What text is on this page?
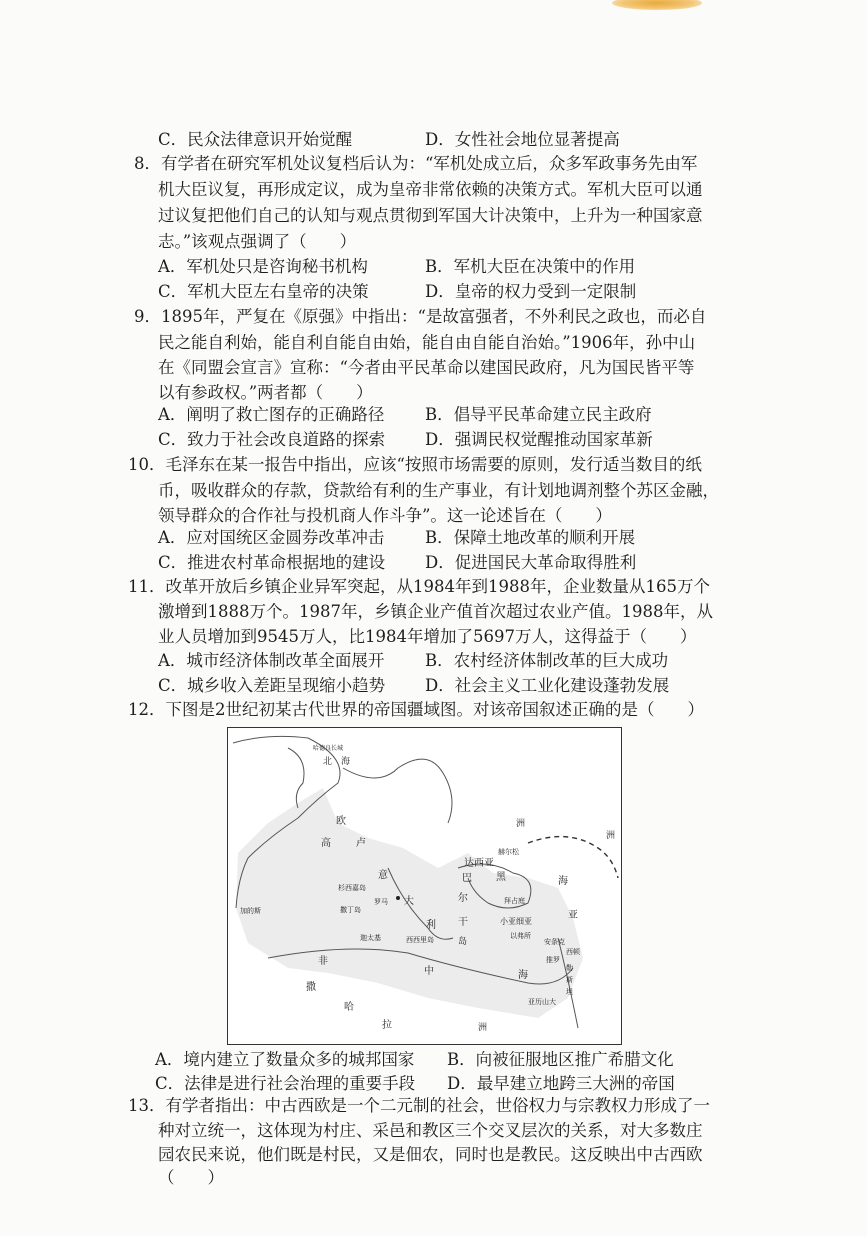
C．民众法律意识开始觉醒	D．女性社会地位显著提高
8．有学者在研究军机处议复档后认为：“军机处成立后，众多军政事务先由军
机大臣议复，再形成定议，成为皇帝非常依赖的决策方式。军机大臣可以通
过议复把他们自己的认知与观点贯彻到军国大计决策中，上升为一种国家意
志。”该观点强调了（　　）
A．军机处只是咨询秘书机构	B．军机大臣在决策中的作用
C．军机大臣左右皇帝的决策	D．皇帝的权力受到一定限制
9．1895年，严复在《原强》中指出：“是故富强者，不外利民之政也，而必自
民之能自利始，能自利自能自由始，能自由自能自治始。”1906年，孙中山
在《同盟会宣言》宣称：“今者由平民革命以建国民政府，凡为国民皆平等
以有参政权。”两者都（　　）
A．阐明了救亡图存的正确路径 B．倡导平民革命建立民主政府
C．致力于社会改良道路的探索 D．强调民权觉醒推动国家革新
10．毛泽东在某一报告中指出，应该“按照市场需要的原则，发行适当数目的纸
币，吸收群众的存款，贷款给有利的生产事业，有计划地调剂整个苏区金融，
领导群众的合作社与投机商人作斗争”。这一论述旨在（　　）
A．应对国统区金圆券改革冲击 B．保障土地改革的顺利开展
C．推进农村革命根据地的建设 D．促进国民大革命取得胜利
11．改革开放后乡镇企业异军突起，从1984年到1988年，企业数量从165万个
激增到1888万个。1987年，乡镇企业产值首次超过农业产值。1988年，从
业人员增加到9545万人，比1984年增加了5697万人，这得益于（　　）
A．城市经济体制改革全面展开 B．农村经济体制改革的巨大成功
C．城乡收入差距呈现缩小趋势 D．社会主义工业化建设蓬勃发展
12．下图是2世纪初某古代世界的帝国疆域图。对该帝国叙述正确的是（　　）
哈德良长城
北　海
欧
高	卢
洲
达西亚
赫尔松
黑	海
杉西嘉岛
撒丁岛
罗马
意
大
利
巴
尔
干
岛
拜占庭
小亚细亚
亚
以弗所
安条克
推罗
西顿
勒
斯
坦
西西里岛
迦太基
加的斯
非
撒
哈
拉
中
亚历山大
海
洲
洲
A．境内建立了数量众多的城邦国家 B．向被征服地区推广希腊文化
C．法律是进行社会治理的重要手段 D．最早建立地跨三大洲的帝国
13．有学者指出：中古西欧是一个二元制的社会，世俗权力与宗教权力形成了一
种对立统一，这体现为村庄、采邑和教区三个交叉层次的关系，对大多数庄
园农民来说，他们既是村民，又是佃农，同时也是教民。这反映出中古西欧
（　　）
